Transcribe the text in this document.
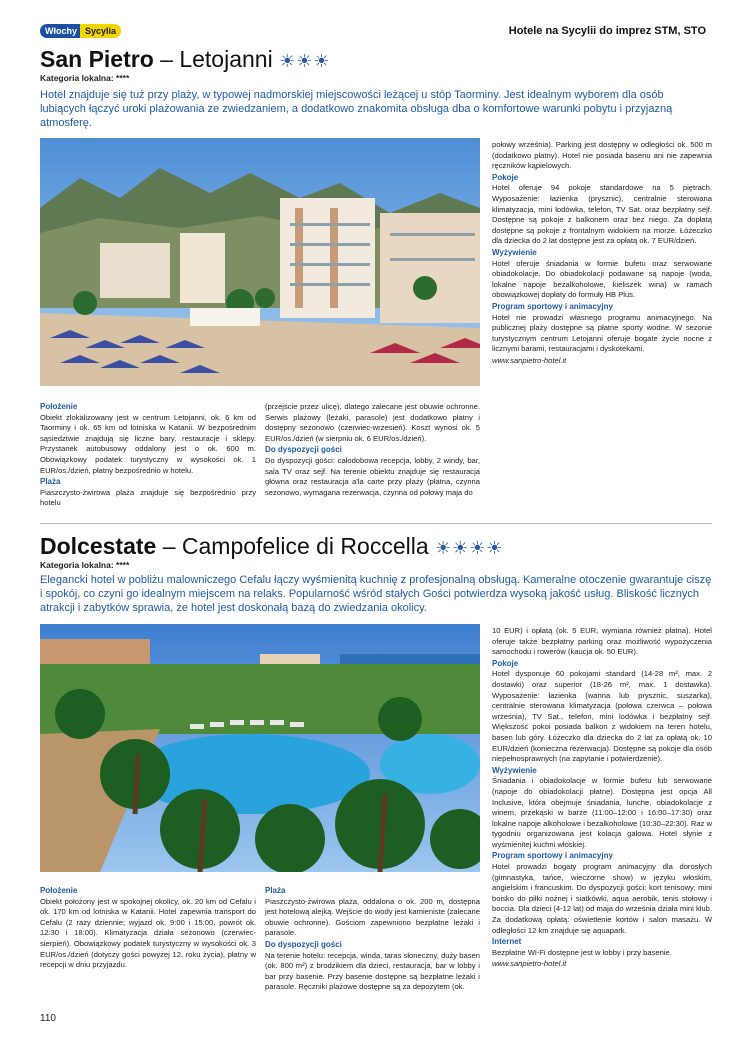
Włochy Sycylia	Hotele na Sycylii do imprez STM, STO
San Pietro – Letojanni ☀☀☀
Kategoria lokalna: ****
Hotel znajduje się tuż przy plaży, w typowej nadmorskiej miejscowości leżącej u stóp Taorminy. Jest idealnym wyborem dla osób lubiących łączyć uroki plażowania ze zwiedzaniem, a dodatkowo znakomita obsługa dba o komfortowe warunki pobytu i przyjazną atmosferę.
Położenie
Obiekt zlokalizowany jest w centrum Letojanni, ok. 6 km od Taorminy i ok. 65 km od lotniska w Katanii. W bezpośrednim sąsiedztwie znajdują się liczne bary, restauracje i sklepy. Przystanek autobusowy oddalony jest o ok. 600 m. Obowiązkowy podatek turystyczny w wysokości ok. 1 EUR/os./dzień, płatny bezpośrednio w hotelu.
Plaża
Piaszczysto-żwirowa plaża znajduje się bezpośrednio przy hotelu
(przejście przez ulicę), dlatego zalecane jest obuwie ochronne. Serwis plażowy (leżaki, parasole) jest dodatkowo płatny i dostępny sezonowo (czerwiec-wrzesień). Koszt wynosi ok. 5 EUR/os./dzień (w sierpniu ok. 6 EUR/os./dzień).
Do dyspozycji gości
Do dyspozycji gości: całodobowa recepcja, lobby, 2 windy, bar, sala TV oraz sejf. Na terenie obiektu znajduje się restauracja główna oraz restauracja a'la carte przy plaży (płatna, czynna sezonowo, wymagana rezerwacja, czynna od połowy maja do
połowy września). Parking jest dostępny w odległości ok. 500 m (dodatkowo płatny). Hotel nie posiada basenu ani nie zapewnia ręczników kąpielowych.
Pokoje
Hotel oferuje 94 pokoje standardowe na 5 piętrach. Wyposażenie: łazienka (prysznic), centralnie sterowana klimatyzacja, mini lodówka, telefon, TV Sat. oraz bezpłatny sejf. Dostępne są pokoje z balkonem oraz bez niego. Za dopłatą dostępne są pokoje z frontalnym widokiem na morze. Łóżeczko dla dziecka do 2 lat dostępne jest za opłatą ok. 7 EUR/dzień.
Wyżywienie
Hotel oferuje śniadania w formie bufetu oraz serwowane obiadokolacje. Do obiadokolacji podawane są napoje (woda, lokalne napoje bezalkoholowe, kieliszek wina) w ramach obowiązkowej dopłaty do formuły HB Plus.
Program sportowy i animacyjny
Hotel nie prowadzi własnego programu animacyjnego. Na publicznej plaży dostępne są płatne sporty wodne. W sezonie turystycznym centrum Letojanni oferuje bogate życie nocne z licznymi barami, restauracjami i dyskotekami.
www.sanpietro-hotel.it
Dolcestate – Campofelice di Roccella ☀☀☀☀
Kategoria lokalna: ****
Elegancki hotel w pobliżu malowniczego Cefalu łączy wyśmienitą kuchnię z profesjonalną obsługą. Kameralne otoczenie gwarantuje ciszę i spokój, co czyni go idealnym miejscem na relaks. Popularność wśród stałych Gości potwierdza wysoką jakość usług. Bliskość licznych atrakcji i zabytków sprawia, że hotel jest doskonałą bazą do zwiedzania okolicy.
Położenie
Obiekt położony jest w spokojnej okolicy, ok. 20 km od Cefalu i ok. 170 km od lotniska w Katanii. Hotel zapewnia transport do Cefalu (2 razy dziennie; wyjazd ok. 9:00 i 15:00, powrót ok. 12:30 i 18:00). Klimatyzacja działa sezonowo (czerwiec-sierpień). Obowiązkowy podatek turystyczny w wysokości ok. 3 EUR/os./dzień (dotyczy gości powyżej 12. roku życia), płatny w recepcji w dniu przyjazdu.
Plaża
Piaszczysto-żwirowa plaża, oddalona o ok. 200 m, dostępna jest hotelową alejką. Wejście do wody jest kamieniste (zalecane obuwie ochronne). Gościom zapewniono bezpłatne leżaki i parasole.
Do dyspozycji gości
Na terenie hotelu: recepcja, winda, taras słoneczny, duży basen (ok. 800 m²) z brodzikiem dla dzieci, restauracja, bar w lobby i bar przy basenie. Przy basenie dostępne są bezpłatne leżaki i parasole. Ręczniki plażowe dostępne są za depozytem (ok.
10 EUR) i opłatą (ok. 5 EUR, wymiana również płatna). Hotel oferuje także bezpłatny parking oraz możliwość wypożyczenia samochodu i rowerów (kaucja ok. 50 EUR).
Pokoje
Hotel dysponuje 60 pokojami standard (14-28 m², max. 2 dostawki) oraz superior (18-26 m², max. 1 dostawka). Wyposażenie: łazienka (wanna lub prysznic, suszarka), centralnie sterowana klimatyzacja (połowa czerwca – połowa września), TV Sat., telefon, mini lodówka i bezpłatny sejf. Większość pokoi posiada balkon z widokiem na teren hotelu, basen lub góry. Łóżeczko dla dziecka do 2 lat za opłatą ok. 10 EUR/dzień (konieczna rezerwacja). Dostępne są pokoje dla osób niepełnosprawnych (na zapytanie i potwierdzenie).
Wyżywienie
Śniadania i obiadokolacje w formie bufetu lub serwowane (napoje do obiadokolacji płatne). Dostępna jest opcja All Inclusive, która obejmuje śniadania, lunche, obiadokolacje z winem, przekąski w barze (11:00–12:00 i 16:00–17:30) oraz lokalne napoje alkoholowe i bezalkoholowe (10:30–22:30). Raz w tygodniu organizowana jest kolacja galowa. Hotel słynie z wyśmienitej kuchni włoskiej.
Program sportowy i animacyjny
Hotel prowadzi bogaty program animacyjny dla dorosłych (gimnastyka, tańce, wieczorne show) w języku włoskim, angielskim i francuskim. Do dyspozycji gości: kort tenisowy, mini boisko do piłki nożnej i siatkówki, aqua aerobik, tenis stołowy i boccia. Dla dzieci (4-12 lat) od maja do września działa mini klub. Za dodatkową opłatą: oświetlenie kortów i salon masażu. W odległości 12 km znajduje się aquapark.
Internet
Bezpłatne Wi-Fi dostępne jest w lobby i przy basenie.
www.sanpietro-hotel.it
110
